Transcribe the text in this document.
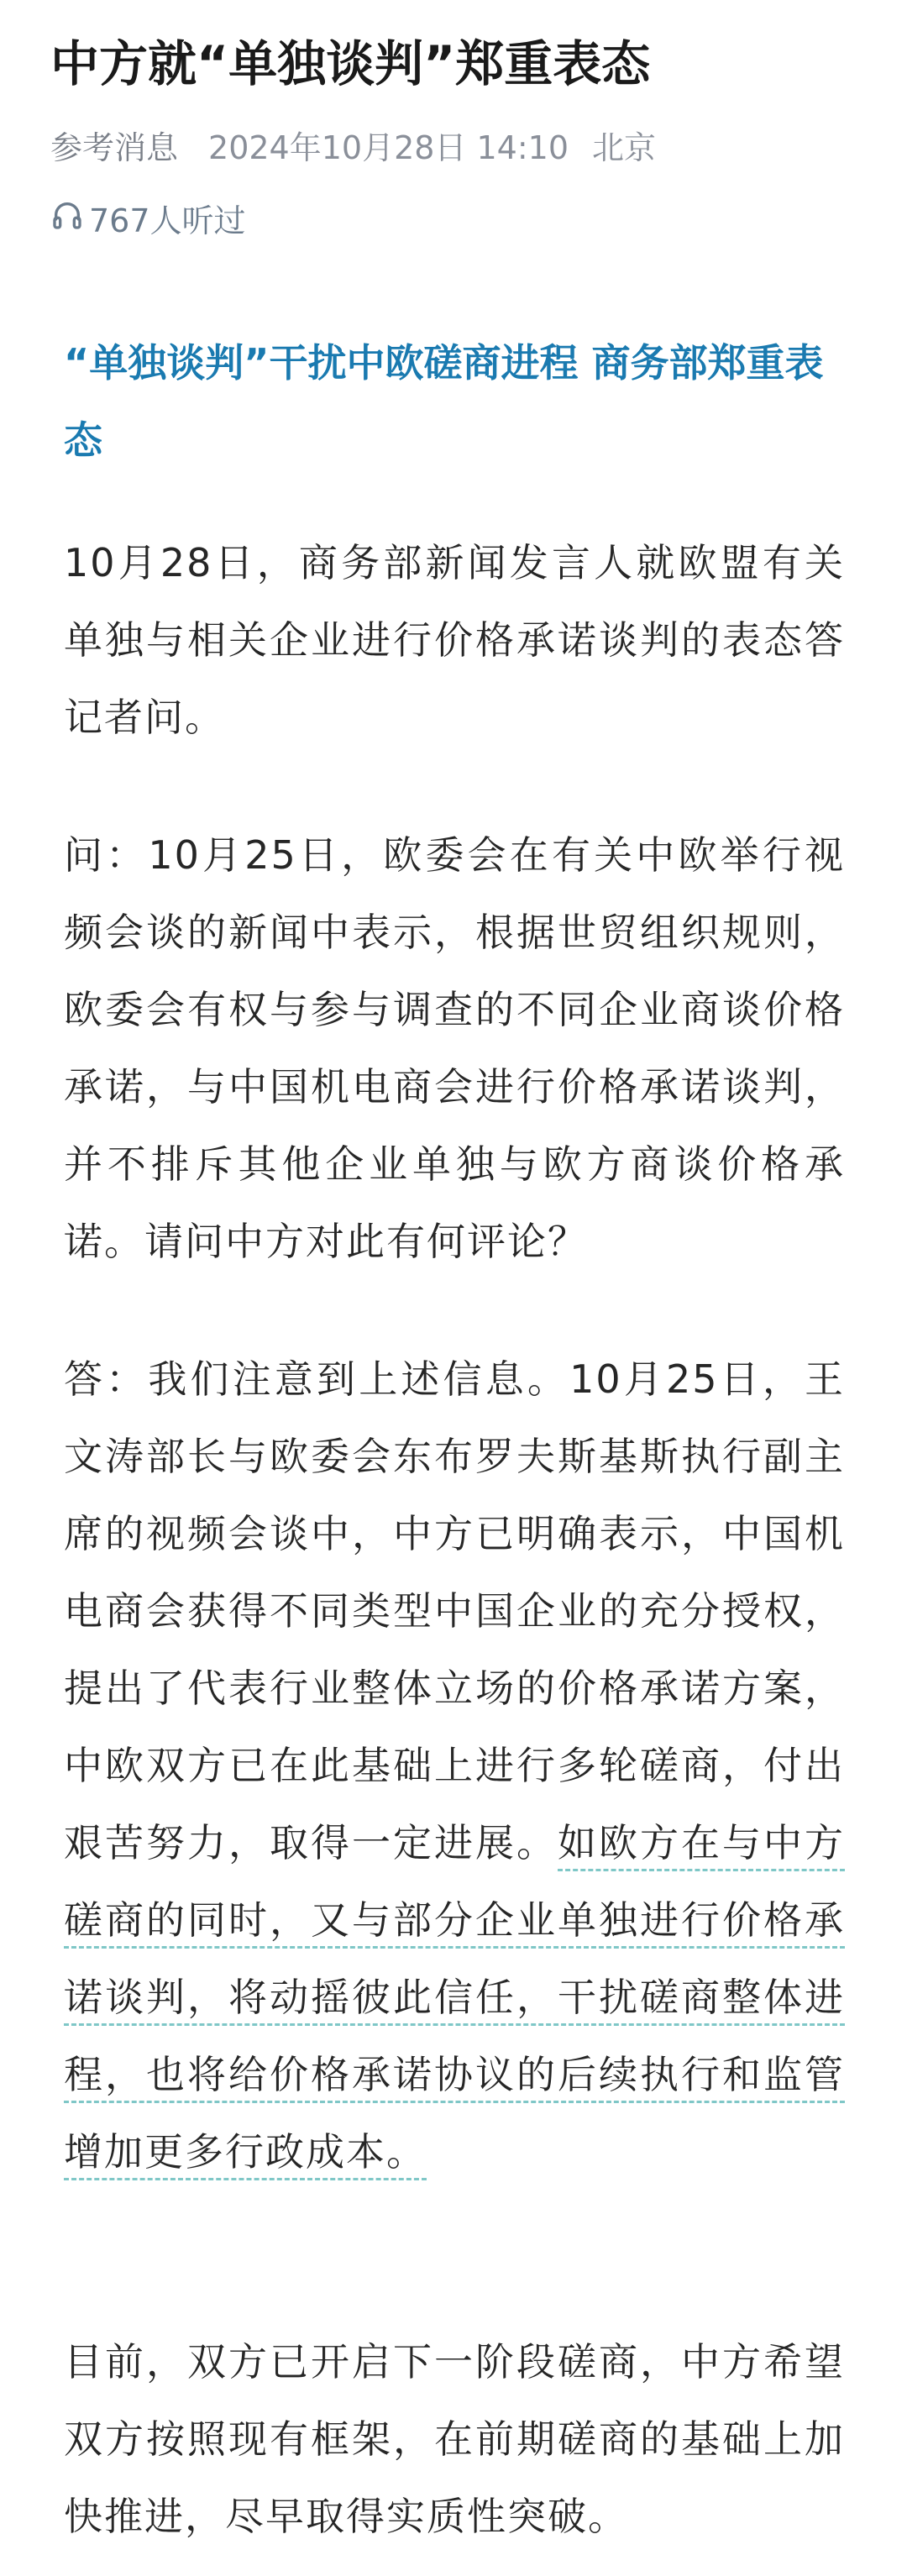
中方就“单独谈判”郑重表态
参考消息 2024年10月28日 14:10 北京
767人听过
“单独谈判”干扰中欧磋商进程 商务部郑重表态

10月28日，商务部新闻发言人就欧盟有关单独与相关企业进行价格承诺谈判的表态答记者问。

问：10月25日，欧委会在有关中欧举行视频会谈的新闻中表示，根据世贸组织规则，欧委会有权与参与调查的不同企业商谈价格承诺，与中国机电商会进行价格承诺谈判，并不排斥其他企业单独与欧方商谈价格承诺。请问中方对此有何评论？

答：我们注意到上述信息。10月25日，王文涛部长与欧委会东布罗夫斯基斯执行副主席的视频会谈中，中方已明确表示，中国机电商会获得不同类型中国企业的充分授权，提出了代表行业整体立场的价格承诺方案，中欧双方已在此基础上进行多轮磋商，付出艰苦努力，取得一定进展。如欧方在与中方磋商的同时，又与部分企业单独进行价格承诺谈判，将动摇彼此信任，干扰磋商整体进程，也将给价格承诺协议的后续执行和监管增加更多行政成本。

目前，双方已开启下一阶段磋商，中方希望双方按照现有框架，在前期磋商的基础上加快推进，尽早取得实质性突破。
